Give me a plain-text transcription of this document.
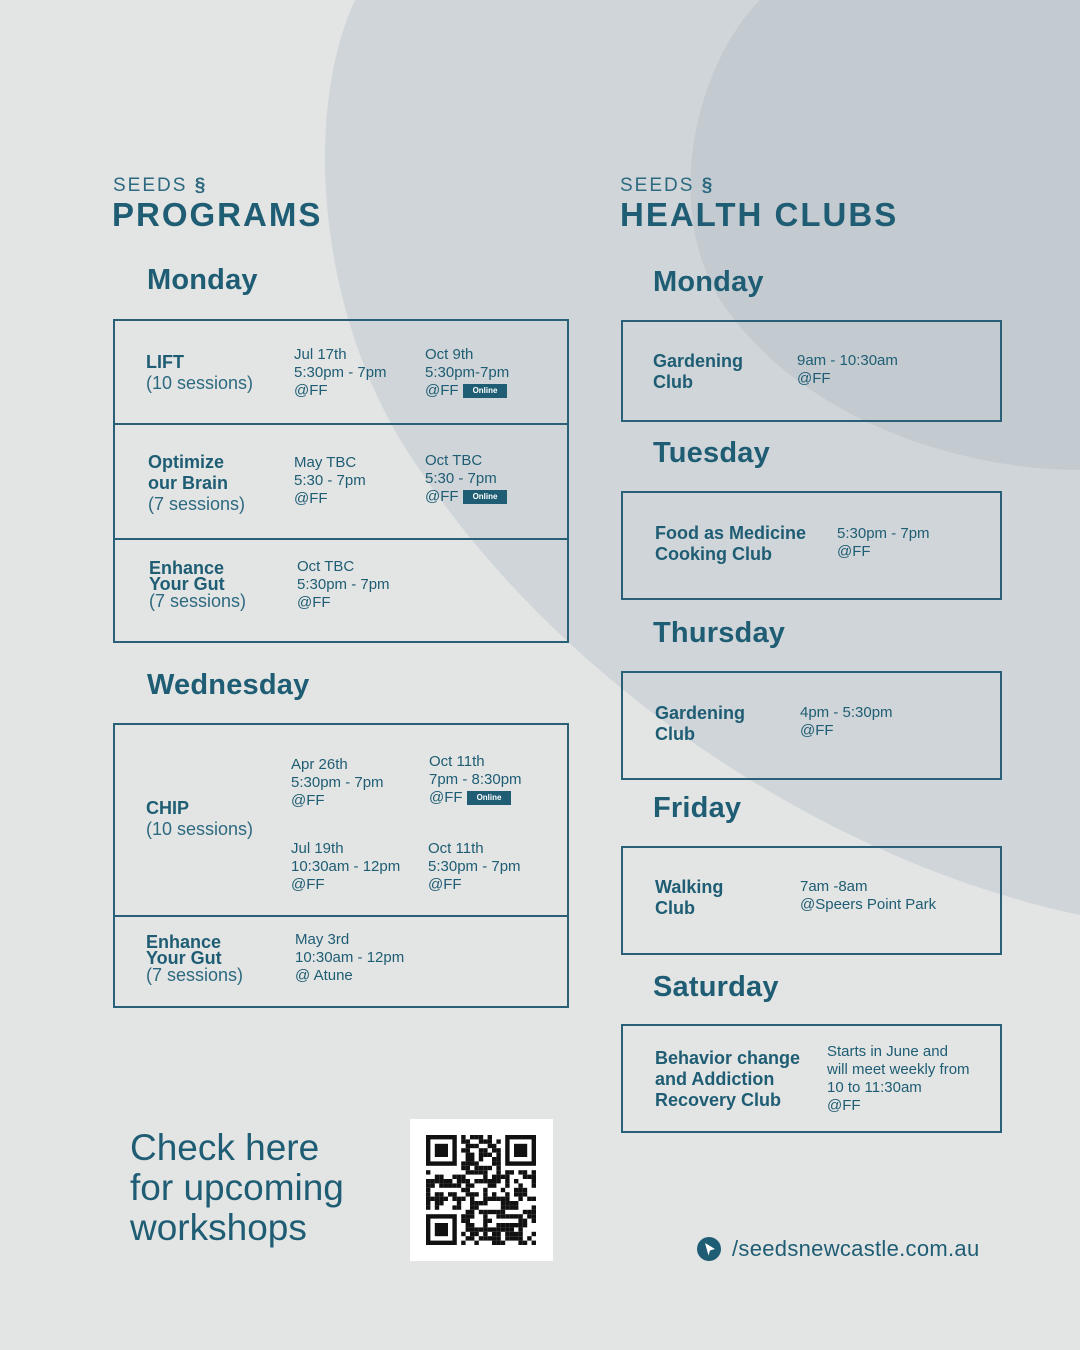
SEEDS §
PROGRAMS
Monday
LIFT
(10 sessions)
Jul 17th
5:30pm - 7pm
@FF
Oct 9th
5:30pm-7pm
@FF Online
Optimize
our Brain
(7 sessions)
May TBC
5:30 - 7pm
@FF
Oct TBC
5:30 - 7pm
@FF Online
Enhance
Your Gut
(7 sessions)
Oct TBC
5:30pm - 7pm
@FF
Wednesday
CHIP
(10 sessions)
Apr 26th
5:30pm - 7pm
@FF
Oct 11th
7pm - 8:30pm
@FF Online
Jul 19th
10:30am - 12pm
@FF
Oct 11th
5:30pm - 7pm
@FF
Enhance
Your Gut
(7 sessions)
May 3rd
10:30am - 12pm
@ Atune
SEEDS §
HEALTH CLUBS
Monday
Gardening
Club
9am - 10:30am
@FF
Tuesday
Food as Medicine
Cooking Club
5:30pm - 7pm
@FF
Thursday
Gardening
Club
4pm - 5:30pm
@FF
Friday
Walking
Club
7am -8am
@Speers Point Park
Saturday
Behavior change
and Addiction
Recovery Club
Starts in June and
will meet weekly from
10 to 11:30am
@FF
Check here
for upcoming
workshops
/seedsnewcastle.com.au
